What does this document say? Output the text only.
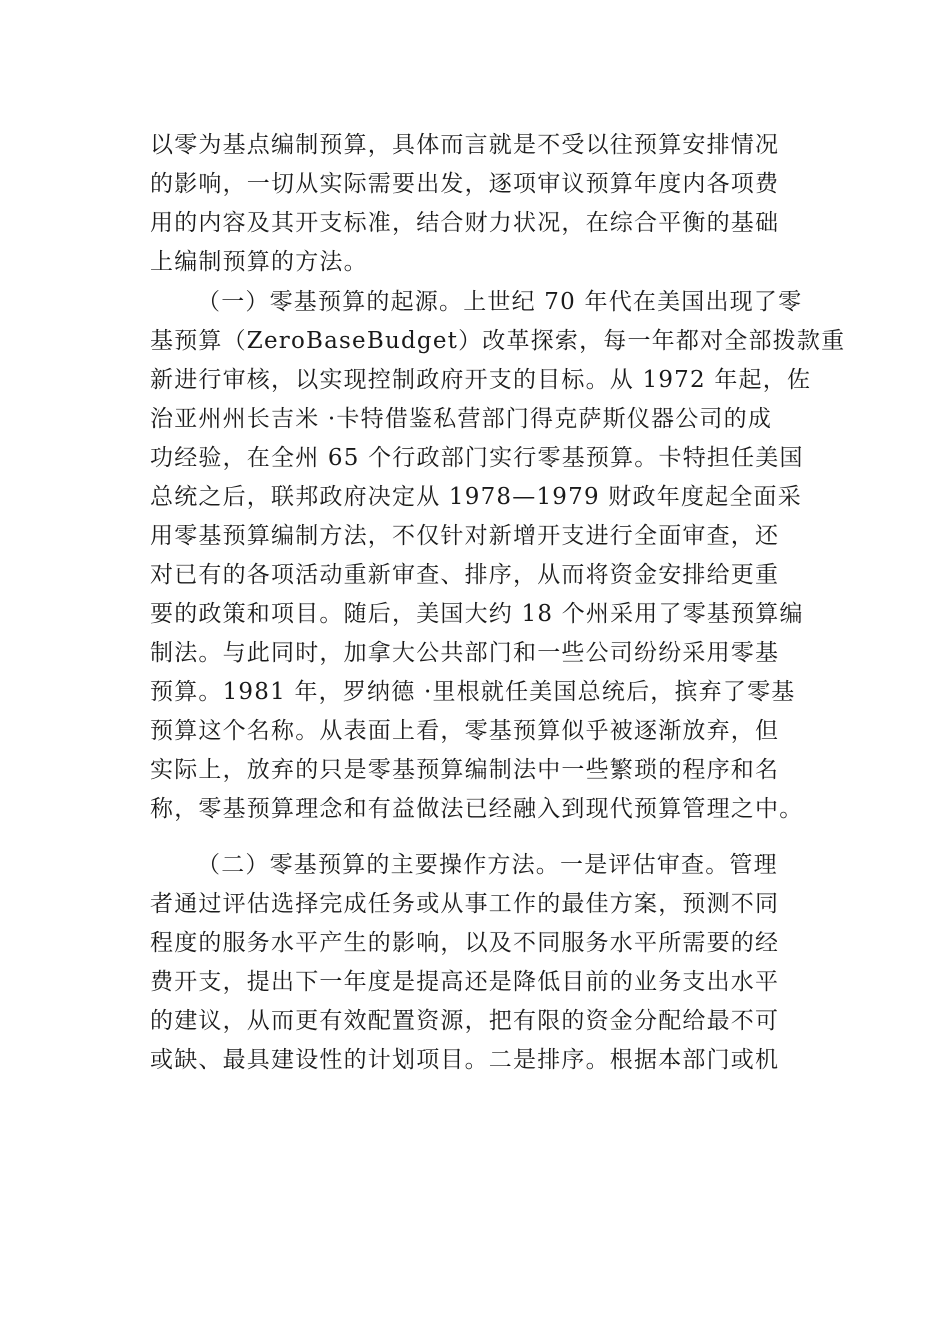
以零为基点编制预算，具体而言就是不受以往预算安排情况
的影响，一切从实际需要出发，逐项审议预算年度内各项费
用的内容及其开支标准，结合财力状况，在综合平衡的基础
上编制预算的方法。
（一）零基预算的起源。上世纪 70 年代在美国出现了零
基预算（ZeroBaseBudget）改革探索，每一年都对全部拨款重
新进行审核，以实现控制政府开支的目标。从 1972 年起，佐
治亚州州长吉米 ·卡特借鉴私营部门得克萨斯仪器公司的成
功经验，在全州 65 个行政部门实行零基预算。卡特担任美国
总统之后，联邦政府决定从 1978—1979 财政年度起全面采
用零基预算编制方法，不仅针对新增开支进行全面审查，还
对已有的各项活动重新审查、排序，从而将资金安排给更重
要的政策和项目。随后，美国大约 18 个州采用了零基预算编
制法。与此同时，加拿大公共部门和一些公司纷纷采用零基
预算。1981 年，罗纳德 ·里根就任美国总统后，摈弃了零基
预算这个名称。从表面上看，零基预算似乎被逐渐放弃，但
实际上，放弃的只是零基预算编制法中一些繁琐的程序和名
称，零基预算理念和有益做法已经融入到现代预算管理之中。
（二）零基预算的主要操作方法。一是评估审查。管理
者通过评估选择完成任务或从事工作的最佳方案，预测不同
程度的服务水平产生的影响，以及不同服务水平所需要的经
费开支，提出下一年度是提高还是降低目前的业务支出水平
的建议，从而更有效配置资源，把有限的资金分配给最不可
或缺、最具建设性的计划项目。二是排序。根据本部门或机
